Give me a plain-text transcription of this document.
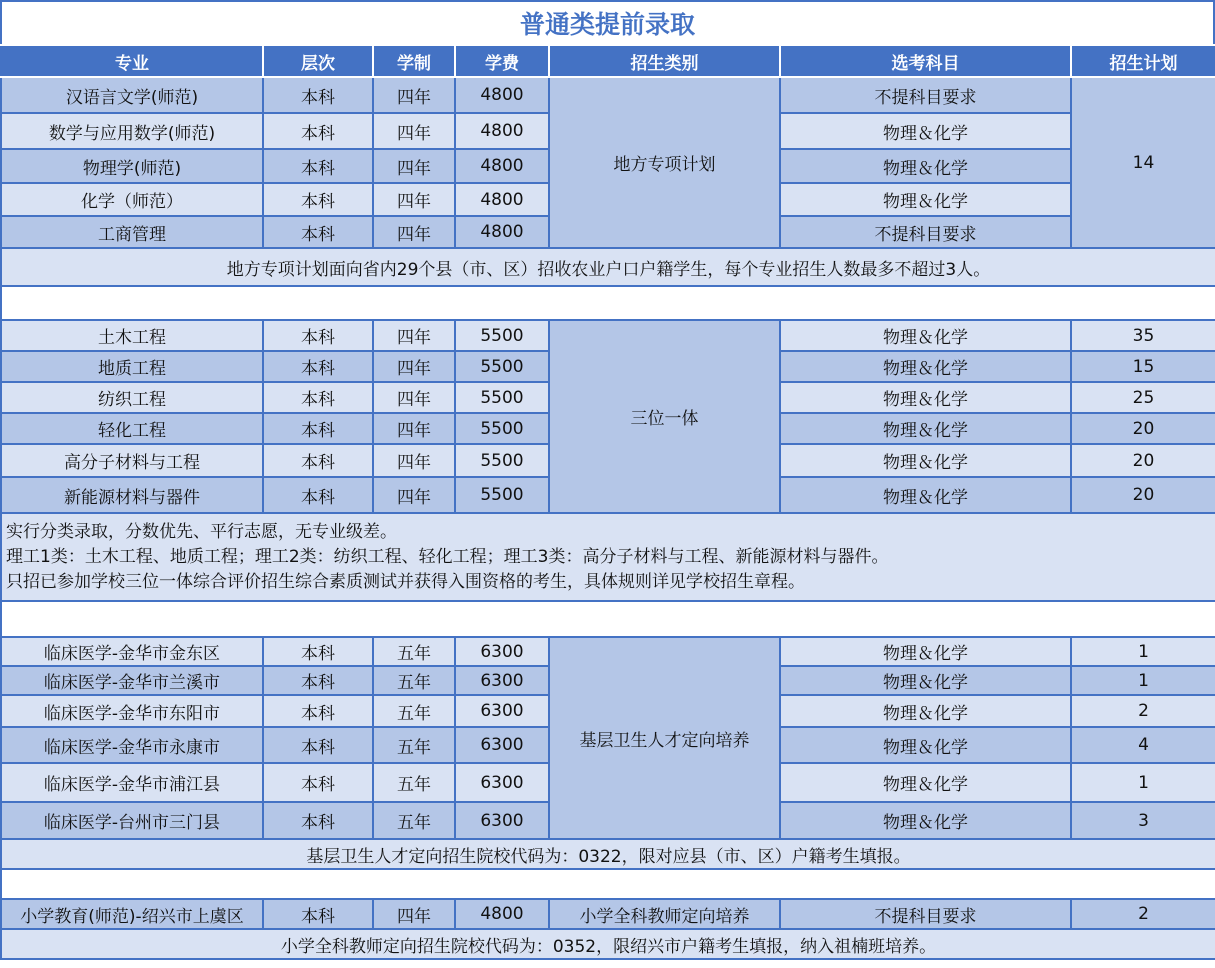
普通类提前录取
专业	层次	学制	学费	招生类别	选考科目	招生计划
汉语言文学(师范)	本科	四年	4800	地方专项计划	不提科目要求	14
数学与应用数学(师范)	本科	四年	4800		物理＆化学	
物理学(师范)	本科	四年	4800		物理＆化学	
化学（师范）	本科	四年	4800		物理＆化学	
工商管理	本科	四年	4800		不提科目要求	
地方专项计划面向省内29个县（市、区）招收农业户口户籍学生，每个专业招生人数最多不超过3人。						

土木工程	本科	四年	5500	三位一体	物理＆化学	35
地质工程	本科	四年	5500		物理＆化学	15
纺织工程	本科	四年	5500		物理＆化学	25
轻化工程	本科	四年	5500		物理＆化学	20
高分子材料与工程	本科	四年	5500		物理＆化学	20
新能源材料与器件	本科	四年	5500		物理＆化学	20

实行分类录取，分数优先、平行志愿，无专业级差。
理工1类：土木工程、地质工程；理工2类：纺织工程、轻化工程；理工3类：高分子材料与工程、新能源材料与器件。
只招已参加学校三位一体综合评价招生综合素质测试并获得入围资格的考生，具体规则详见学校招生章程。						

临床医学-金华市金东区	本科	五年	6300	基层卫生人才定向培养	物理＆化学	1
临床医学-金华市兰溪市	本科	五年	6300		物理＆化学	1
临床医学-金华市东阳市	本科	五年	6300		物理＆化学	2
临床医学-金华市永康市	本科	五年	6300		物理＆化学	4
临床医学-金华市浦江县	本科	五年	6300		物理＆化学	1
临床医学-台州市三门县	本科	五年	6300		物理＆化学	3
基层卫生人才定向招生院校代码为：0322，限对应县（市、区）户籍考生填报。						

小学教育(师范)-绍兴市上虞区	本科	四年	4800	小学全科教师定向培养	不提科目要求	2
小学全科教师定向招生院校代码为：0352，限绍兴市户籍考生填报，纳入祖楠班培养。						
